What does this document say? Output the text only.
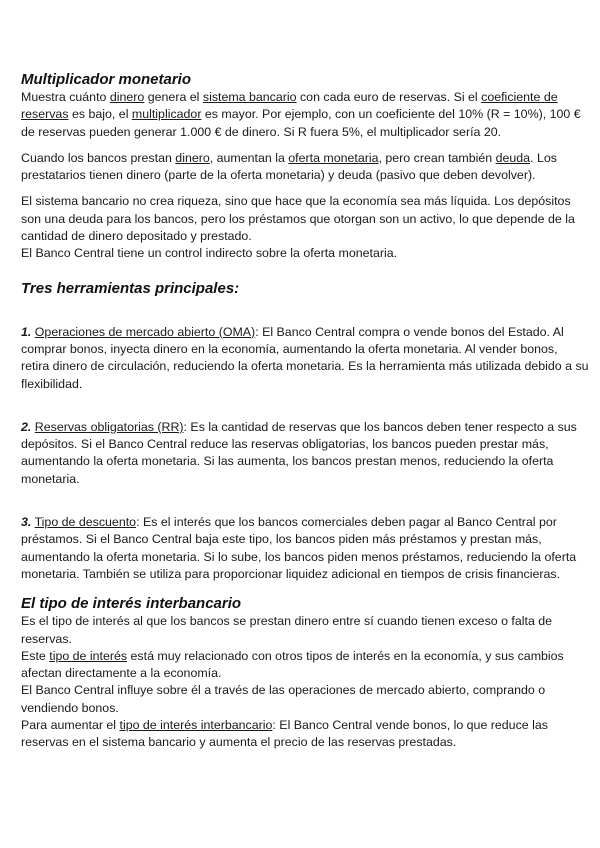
Multiplicador monetario

Muestra cuánto dinero genera el sistema bancario con cada euro de reservas. Si el coeficiente de reservas es bajo, el multiplicador es mayor. Por ejemplo, con un coeficiente del 10% (R = 10%), 100 € de reservas pueden generar 1.000 € de dinero. Si R fuera 5%, el multiplicador sería 20.

Cuando los bancos prestan dinero, aumentan la oferta monetaria, pero crean también deuda. Los prestatarios tienen dinero (parte de la oferta monetaria) y deuda (pasivo que deben devolver).

El sistema bancario no crea riqueza, sino que hace que la economía sea más líquida. Los depósitos son una deuda para los bancos, pero los préstamos que otorgan son un activo, lo que depende de la cantidad de dinero depositado y prestado.

El Banco Central tiene un control indirecto sobre la oferta monetaria.

Tres herramientas principales:

1. Operaciones de mercado abierto (OMA): El Banco Central compra o vende bonos del Estado. Al comprar bonos, inyecta dinero en la economía, aumentando la oferta monetaria. Al vender bonos, retira dinero de circulación, reduciendo la oferta monetaria. Es la herramienta más utilizada debido a su flexibilidad.

2. Reservas obligatorias (RR): Es la cantidad de reservas que los bancos deben tener respecto a sus depósitos. Si el Banco Central reduce las reservas obligatorias, los bancos pueden prestar más, aumentando la oferta monetaria. Si las aumenta, los bancos prestan menos, reduciendo la oferta monetaria.

3. Tipo de descuento: Es el interés que los bancos comerciales deben pagar al Banco Central por préstamos. Si el Banco Central baja este tipo, los bancos piden más préstamos y prestan más, aumentando la oferta monetaria. Si lo sube, los bancos piden menos préstamos, reduciendo la oferta monetaria. También se utiliza para proporcionar liquidez adicional en tiempos de crisis financieras.

El tipo de interés interbancario

Es el tipo de interés al que los bancos se prestan dinero entre sí cuando tienen exceso o falta de reservas.

Este tipo de interés está muy relacionado con otros tipos de interés en la economía, y sus cambios afectan directamente a la economía.

El Banco Central influye sobre él a través de las operaciones de mercado abierto, comprando o vendiendo bonos.

Para aumentar el tipo de interés interbancario: El Banco Central vende bonos, lo que reduce las reservas en el sistema bancario y aumenta el precio de las reservas prestadas.
